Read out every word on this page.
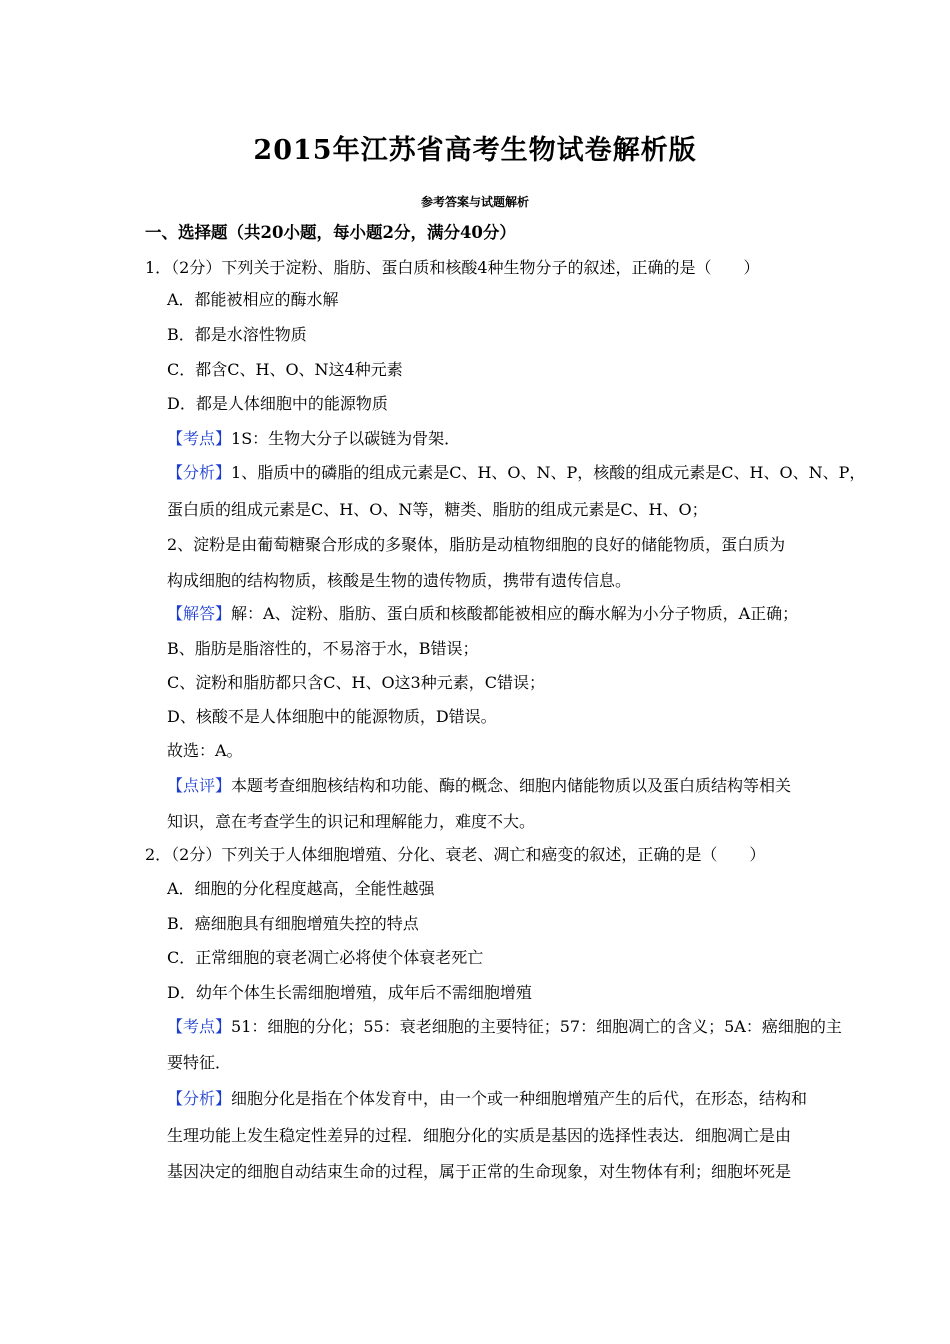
2015年江苏省高考生物试卷解析版
参考答案与试题解析
一、选择题（共20小题，每小题2分，满分40分）
1．（2分）下列关于淀粉、脂肪、蛋白质和核酸4种生物分子的叙述，正确的是（　　）
A．都能被相应的酶水解
B．都是水溶性物质
C．都含C、H、O、N这4种元素
D．都是人体细胞中的能源物质
【考点】1S：生物大分子以碳链为骨架．
【分析】1、脂质中的磷脂的组成元素是C、H、O、N、P，核酸的组成元素是C、H、O、N、P，
蛋白质的组成元素是C、H、O、N等，糖类、脂肪的组成元素是C、H、O；
2、淀粉是由葡萄糖聚合形成的多聚体，脂肪是动植物细胞的良好的储能物质，蛋白质为
构成细胞的结构物质，核酸是生物的遗传物质，携带有遗传信息。
【解答】解：A、淀粉、脂肪、蛋白质和核酸都能被相应的酶水解为小分子物质，A正确；
B、脂肪是脂溶性的，不易溶于水，B错误；
C、淀粉和脂肪都只含C、H、O这3种元素，C错误；
D、核酸不是人体细胞中的能源物质，D错误。
故选：A。
【点评】本题考查细胞核结构和功能、酶的概念、细胞内储能物质以及蛋白质结构等相关
知识，意在考查学生的识记和理解能力，难度不大。
2．（2分）下列关于人体细胞增殖、分化、衰老、凋亡和癌变的叙述，正确的是（　　）
A．细胞的分化程度越高，全能性越强
B．癌细胞具有细胞增殖失控的特点
C．正常细胞的衰老凋亡必将使个体衰老死亡
D．幼年个体生长需细胞增殖，成年后不需细胞增殖
【考点】51：细胞的分化；55：衰老细胞的主要特征；57：细胞凋亡的含义；5A：癌细胞的主
要特征．
【分析】细胞分化是指在个体发育中，由一个或一种细胞增殖产生的后代，在形态，结构和
生理功能上发生稳定性差异的过程．细胞分化的实质是基因的选择性表达．细胞凋亡是由
基因决定的细胞自动结束生命的过程，属于正常的生命现象，对生物体有利；细胞坏死是
